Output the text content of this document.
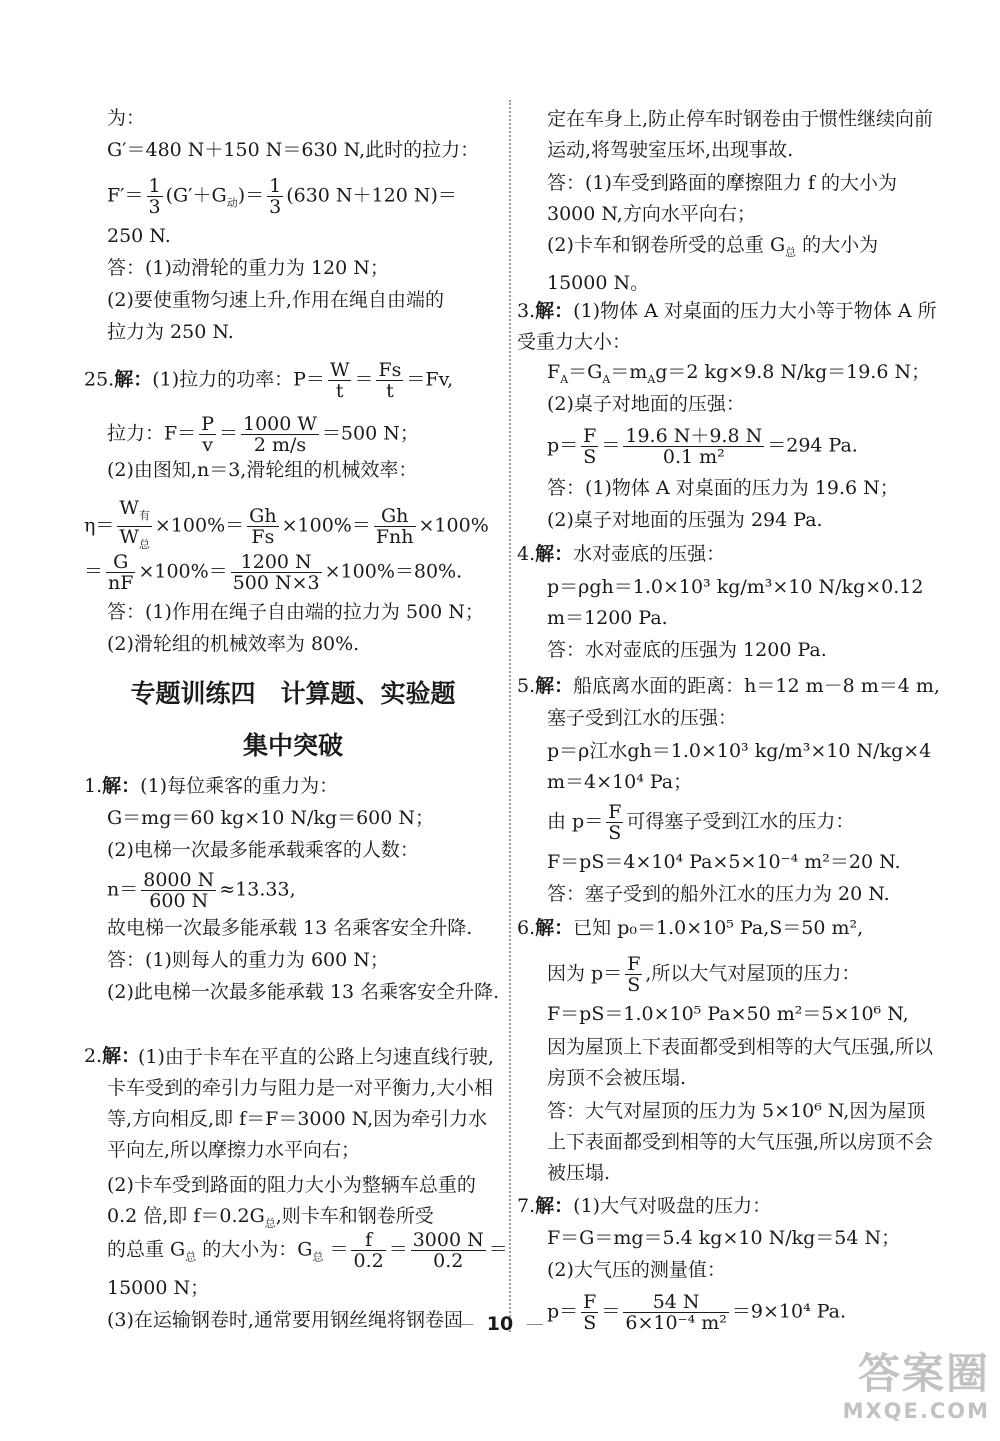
为：
G′＝480 N＋150 N＝630 N,此时的拉力：
$F'= \frac{1}{3} (G'+G_动)= \frac{1}{3} (630$ N＋120 N)＝
250 N.
答：(1)动滑轮的重力为 120 N；
(2)要使重物匀速上升,作用在绳自由端的
拉力为 250 N.
25.解：(1)拉力的功率：$P= \frac{W}{t} = \frac{Fs}{t} =Fv$,
拉力：$F= \frac{P}{v} = \frac{1000 W}{2 m/s} =500$ N；
(2)由图知,n＝3,滑轮组的机械效率：
$\eta= \frac{W_有}{W_总} \times 100\%= \frac{Gh}{Fs} \times 100\%= \frac{Gh}{\text{Fnh}} \times 100\%$
＝ $\frac{G}{nF} \times 100\%= \frac{1200 N}{500 N\times 3} \times 100\%=80\%$.
答：(1)作用在绳子自由端的拉力为 500 N；
(2)滑轮组的机械效率为 80%.
专题训练四　计算题、实验题
集中突破
1.解：(1)每位乘客的重力为：
G＝mg＝60 kg×10 N/kg＝600 N；
(2)电梯一次最多能承载乘客的人数：
$n= \frac{8000 N}{600 N} \approx 13.33$,
故电梯一次最多能承载 13 名乘客安全升降.
答：(1)则每人的重力为 600 N；
(2)此电梯一次最多能承载 13 名乘客安全升降.
2.解：
(1)由于卡车在平直的公路上匀速直线行驶,卡车受到的牵引力与阻力是一对平衡力,大小相等,方向相反,即 f＝F＝3000 N,因为牵引力水平向左,所以摩擦力水平向右；
(2)卡车受到路面的阻力大小为整辆车总重的 0.2 倍,即 $f=0.2G_总$,则卡车和钢卷所受
的总重 $G_总$ 的大小为：$G_总 = \frac{f}{0.2} = \frac{3000 N}{0.2}$ ＝
15000 N；
(3)在运输钢卷时,通常要用钢丝绳将钢卷固
定在车身上,防止停车时钢卷由于惯性继续向前运动,将驾驶室压坏,出现事故.
答：(1)车受到路面的摩擦阻力 f 的大小为 3000 N,方向水平向右；
(2)卡车和钢卷所受的总重 $G_总$ 的大小为 15000 N。
3.解：(1)物体 A 对桌面的压力大小等于物体 A 所受重力大小：
$F_A=G_A=m_Ag=2$ kg×9.8 N/kg＝19.6 N；
(2)桌子对地面的压强：
$p= \frac{F}{S} = \frac{19.6 N+9.8 N}{\text{0.1 m²}} =294$ Pa.
答：(1)物体 A 对桌面的压力为 19.6 N；
(2)桌子对地面的压强为 294 Pa.
4.解：水对壶底的压强：
p＝ρgh＝1.0×10³ kg/m³×10 N/kg×0.12 m＝1200 Pa.
答：水对壶底的压强为 1200 Pa.
5.解：船底离水面的距离：h＝12 m－8 m＝4 m,
塞子受到江水的压强：
p＝ρ江水gh＝1.0×10³ kg/m³×10 N/kg×4 m＝4×10⁴ Pa；
由 $p= \frac{F}{S}$ 可得塞子受到江水的压力：
F＝pS＝4×10⁴ Pa×5×10⁻⁴ m²＝20 N.
答：塞子受到的船外江水的压力为 20 N.
6.解：已知 p₀＝1.0×10⁵ Pa,S＝50 m²,
因为 $p= \frac{F}{S}$ ,所以大气对屋顶的压力：
F＝pS＝1.0×10⁵ Pa×50 m²＝5×10⁶ N,
因为屋顶上下表面都受到相等的大气压强,所以房顶不会被压塌.
答：大气对屋顶的压力为 5×10⁶ N,因为屋顶上下表面都受到相等的大气压强,所以房顶不会被压塌.
7.解：(1)大气对吸盘的压力：
F＝G＝mg＝5.4 kg×10 N/kg＝54 N；
(2)大气压的测量值：
$p= \frac{F}{S} = \frac{54 N}{\text{6×10⁻⁴ m²}} =9\times 10^4$ Pa.
10
答案圈
MXQE.COM
